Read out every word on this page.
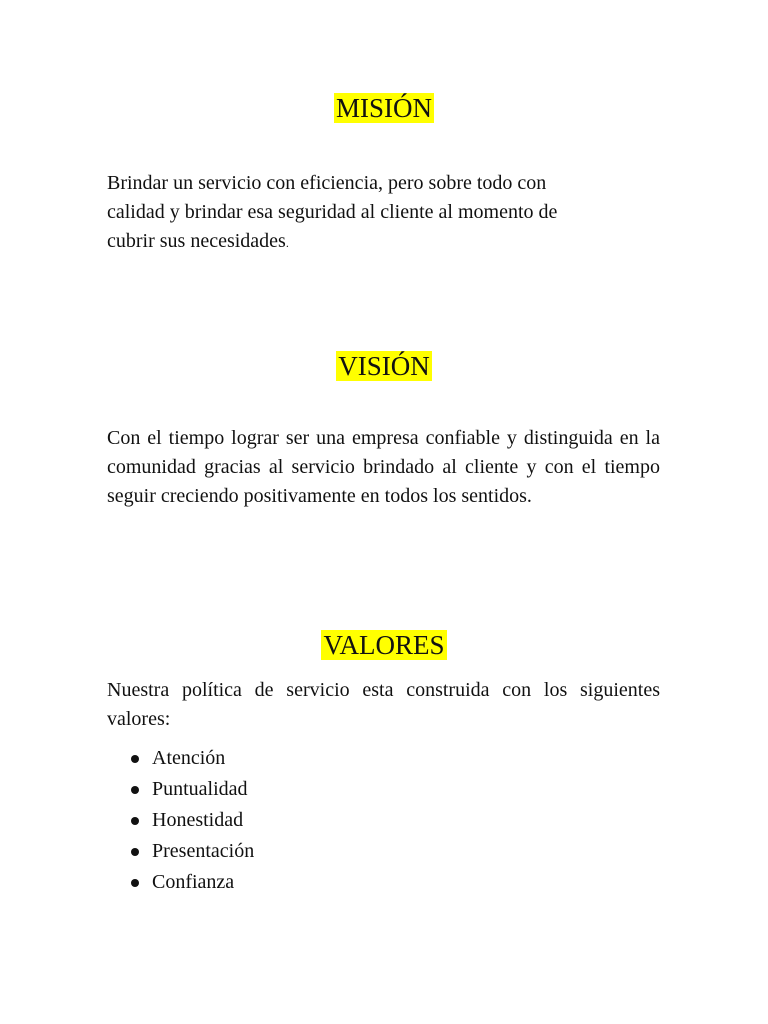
MISIÓN

Brindar un servicio con eficiencia, pero sobre todo con
calidad y brindar esa seguridad al cliente al momento de
cubrir sus necesidades.

VISIÓN

Con el tiempo lograr ser una empresa confiable y distinguida en la comunidad gracias al servicio brindado al cliente y con el tiempo seguir creciendo positivamente en todos los sentidos.

VALORES

Nuestra política de servicio esta construida con los siguientes valores:

Atención
Puntualidad
Honestidad
Presentación
Confianza
